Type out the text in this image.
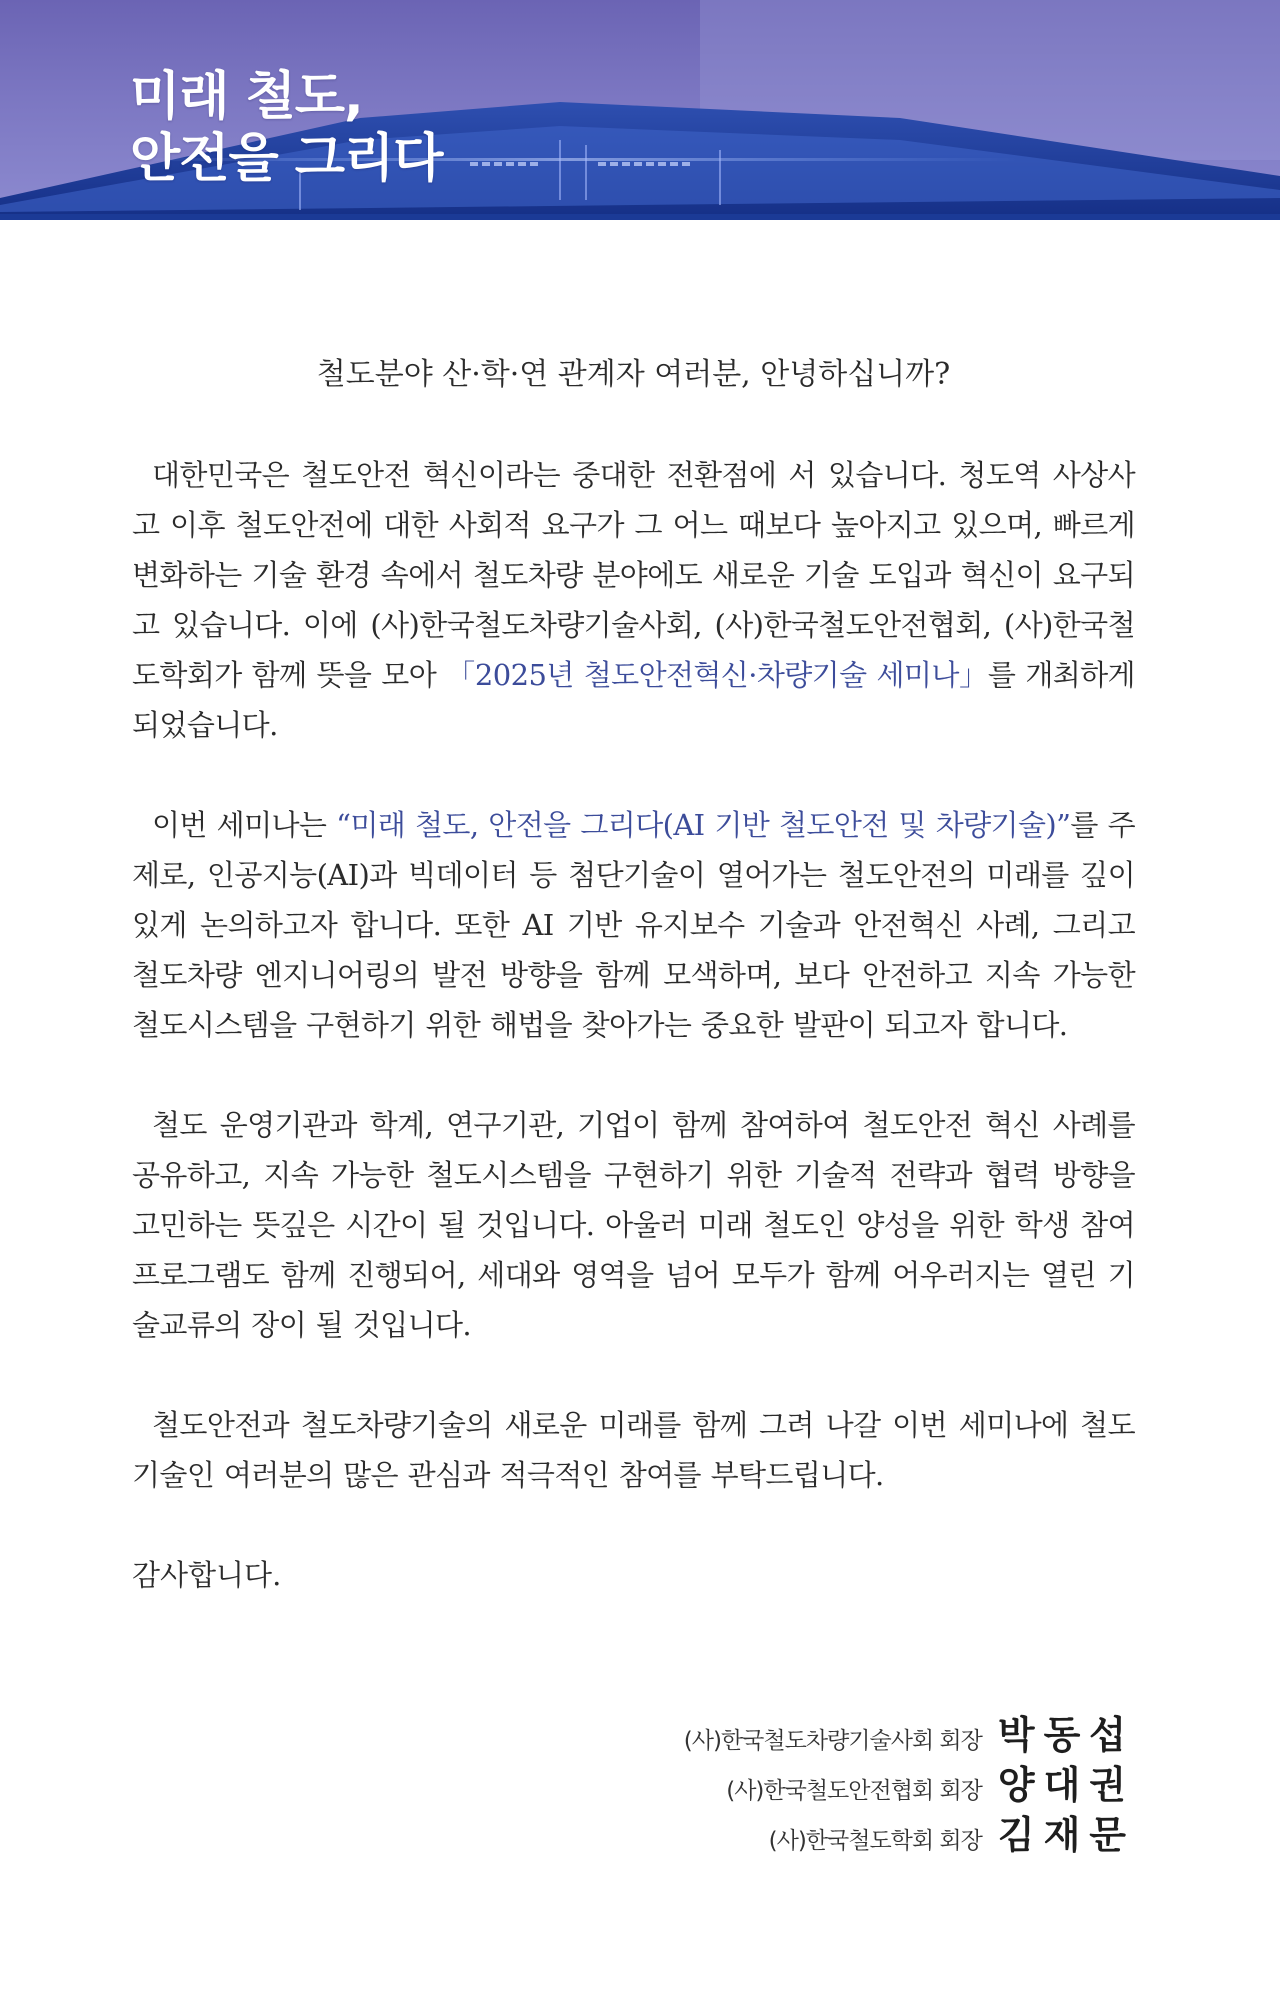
미래 철도,
안전을 그리다

철도분야 산·학·연 관계자 여러분, 안녕하십니까?

대한민국은 철도안전 혁신이라는 중대한 전환점에 서 있습니다. 청도역 사상사고 이후 철도안전에 대한 사회적 요구가 그 어느 때보다 높아지고 있으며, 빠르게 변화하는 기술 환경 속에서 철도차량 분야에도 새로운 기술 도입과 혁신이 요구되고 있습니다. 이에 (사)한국철도차량기술사회, (사)한국철도안전협회, (사)한국철도학회가 함께 뜻을 모아 「2025년 철도안전혁신·차량기술 세미나」를 개최하게 되었습니다.

이번 세미나는 “미래 철도, 안전을 그리다(AI 기반 철도안전 및 차량기술)”를 주제로, 인공지능(AI)과 빅데이터 등 첨단기술이 열어가는 철도안전의 미래를 깊이 있게 논의하고자 합니다. 또한 AI 기반 유지보수 기술과 안전혁신 사례, 그리고 철도차량 엔지니어링의 발전 방향을 함께 모색하며, 보다 안전하고 지속 가능한 철도시스템을 구현하기 위한 해법을 찾아가는 중요한 발판이 되고자 합니다.

철도 운영기관과 학계, 연구기관, 기업이 함께 참여하여 철도안전 혁신 사례를 공유하고, 지속 가능한 철도시스템을 구현하기 위한 기술적 전략과 협력 방향을 고민하는 뜻깊은 시간이 될 것입니다. 아울러 미래 철도인 양성을 위한 학생 참여 프로그램도 함께 진행되어, 세대와 영역을 넘어 모두가 함께 어우러지는 열린 기술교류의 장이 될 것입니다.

철도안전과 철도차량기술의 새로운 미래를 함께 그려 나갈 이번 세미나에 철도기술인 여러분의 많은 관심과 적극적인 참여를 부탁드립니다.

감사합니다.

(사)한국철도차량기술사회 회장 박동섭
(사)한국철도안전협회 회장 양대권
(사)한국철도학회 회장 김재문
